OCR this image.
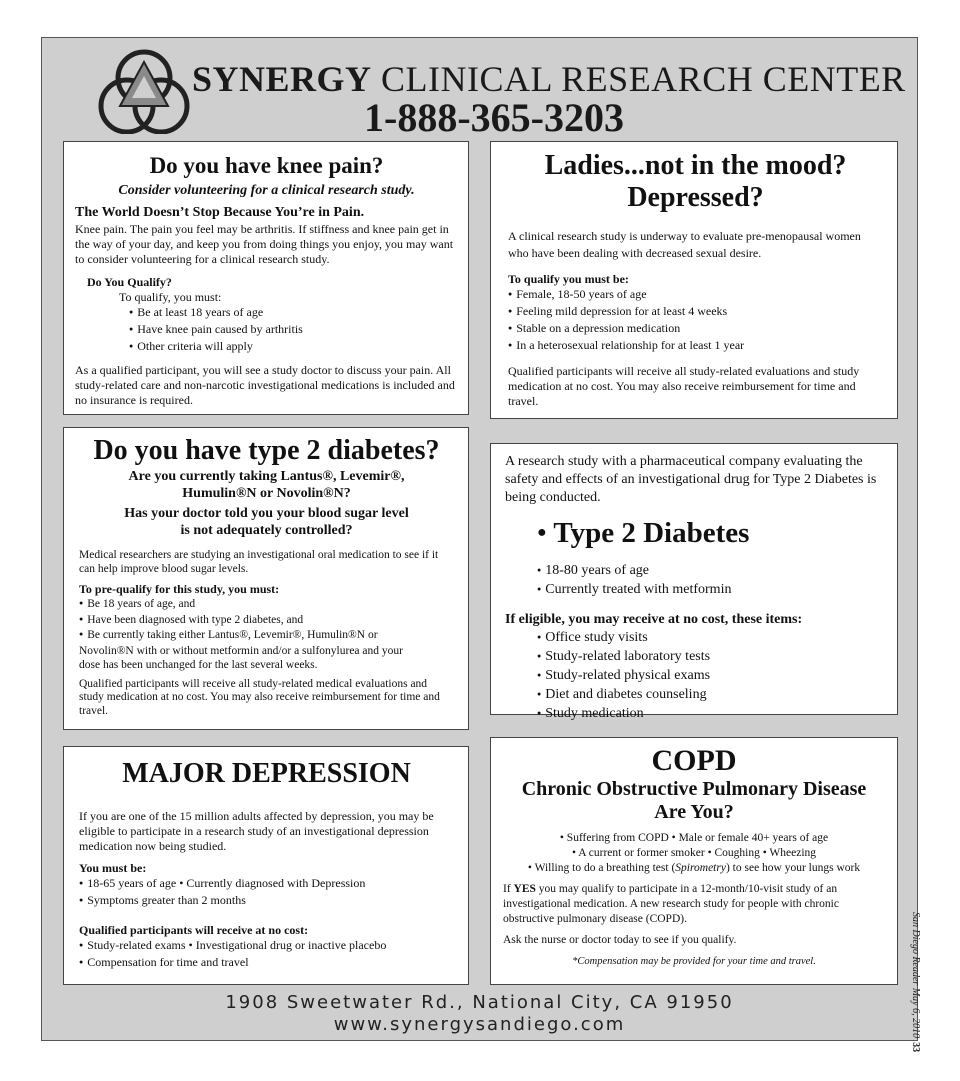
SYNERGY CLINICAL RESEARCH CENTER
1-888-365-3203

Do you have knee pain?

Consider volunteering for a clinical research study.

The World Doesn’t Stop Because You’re in Pain.

Knee pain. The pain you feel may be arthritis. If stiffness and knee pain get in the way of your day, and keep you from doing things you enjoy, you may want to consider volunteering for a clinical research study.

Do You Qualify?

To qualify, you must:

● Be at least 18 years of age
● Have knee pain caused by arthritis
● Other criteria will apply

As a qualified participant, you will see a study doctor to discuss your pain. All study-related care and non-narcotic investigational medications is included and no insurance is required.

Ladies...not in the mood? Depressed?

A clinical research study is underway to evaluate pre-menopausal women who have been dealing with decreased sexual desire.

To qualify you must be:

● Female, 18-50 years of age
● Feeling mild depression for at least 4 weeks
● Stable on a depression medication
● In a heterosexual relationship for at least 1 year

Qualified participants will receive all study-related evaluations and study medication at no cost. You may also receive reimbursement for time and travel.

Do you have type 2 diabetes?

Are you currently taking Lantus®, Levemir®, Humulin®N or Novolin®N?

Has your doctor told you your blood sugar level is not adequately controlled?

Medical researchers are studying an investigational oral medication to see if it can help improve blood sugar levels.

To pre-qualify for this study, you must:

● Be 18 years of age, and
● Have been diagnosed with type 2 diabetes, and
● Be currently taking either Lantus®, Levemir®, Humulin®N or Novolin®N with or without metformin and/or a sulfonylurea and your dose has been unchanged for the last several weeks.

Qualified participants will receive all study-related medical evaluations and study medication at no cost. You may also receive reimbursement for time and travel.

A research study with a pharmaceutical company evaluating the safety and effects of an investigational drug for Type 2 Diabetes is being conducted.

● Type 2 Diabetes

● 18-80 years of age
● Currently treated with metformin

If eligible, you may receive at no cost, these items:

● Office study visits
● Study-related laboratory tests
● Study-related physical exams
● Diet and diabetes counseling
● Study medication

MAJOR DEPRESSION

If you are one of the 15 million adults affected by depression, you may be eligible to participate in a research study of an investigational depression medication now being studied.

You must be:

● 18-65 years of age • Currently diagnosed with Depression
● Symptoms greater than 2 months

Qualified participants will receive at no cost:

● Study-related exams • Investigational drug or inactive placebo
● Compensation for time and travel

COPD

Chronic Obstructive Pulmonary Disease Are You?

• Suffering from COPD • Male or female 40+ years of age

• A current or former smoker • Coughing • Wheezing

• Willing to do a breathing test (Spirometry) to see how your lungs work

If YES you may qualify to participate in a 12-month/10-visit study of an investigational medication. A new research study for people with chronic obstructive pulmonary disease (COPD).

Ask the nurse or doctor today to see if you qualify.

*Compensation may be provided for your time and travel.

1908 Sweetwater Rd., National City, CA 91950
www.synergysandiego.com	San Diego Reader May 6, 201033
